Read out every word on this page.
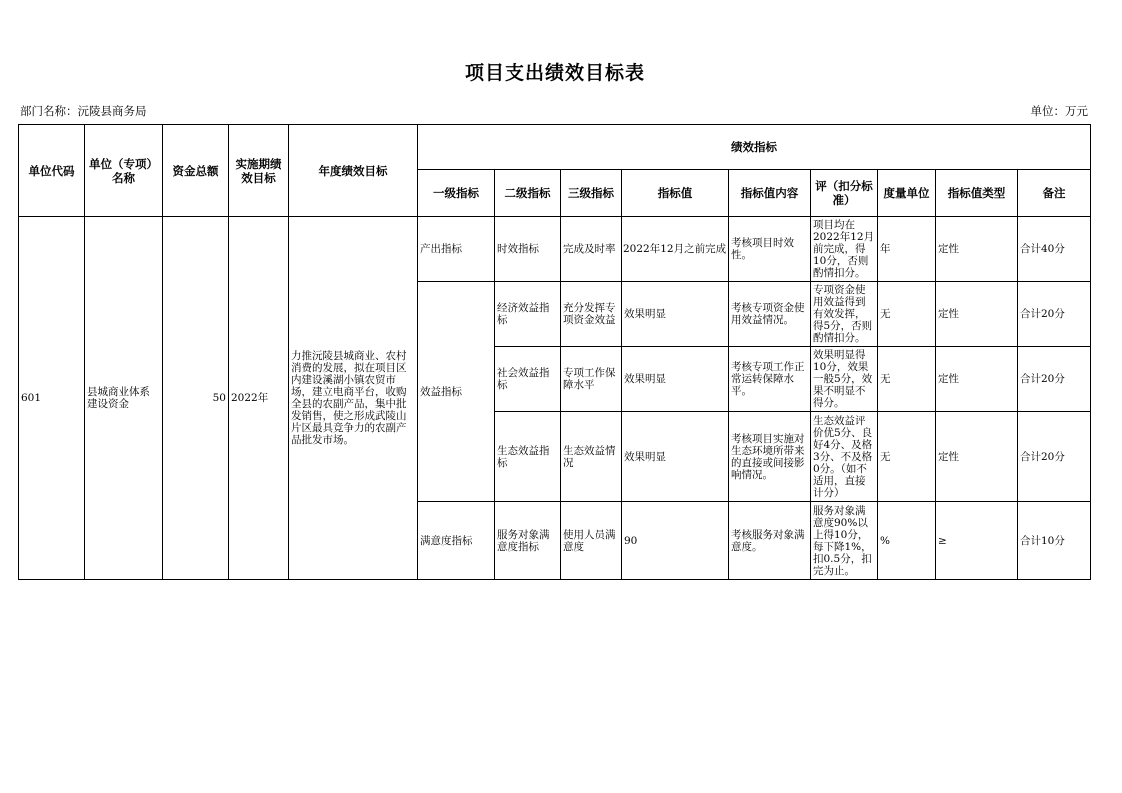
项目支出绩效目标表
部门名称：沅陵县商务局	单位：万元
单位代码	单位（专项）名称	资金总额	实施期绩效目标	年度绩效目标	绩效指标								
					一级指标	二级指标	三级指标	指标值	指标值内容	评（扣分标准）	度量单位	指标值类型	备注
601	县城商业体系建设资金	50	2022年	力推沅陵县城商业、农村消费的发展，拟在项目区内建设溪湖小镇农贸市场，建立电商平台，收购全县的农副产品，集中批发销售，使之形成武陵山片区最具竞争力的农副产品批发市场。	产出指标	时效指标	完成及时率	2022年12月之前完成	考核项目时效性。	项目均在2022年12月前完成，得10分，否则酌情扣分。	年	定性	合计40分
					效益指标	经济效益指标	充分发挥专项资金效益	效果明显	考核专项资金使用效益情况。	专项资金使用效益得到有效发挥，得5分，否则酌情扣分。	无	定性	合计20分
						社会效益指标	专项工作保障水平	效果明显	考核专项工作正常运转保障水平。	效果明显得10分，效果一般5分，效果不明显不得分。	无	定性	合计20分
						生态效益指标	生态效益情况	效果明显	考核项目实施对生态环境所带来的直接或间接影响情况。	生态效益评价优5分、良好4分、及格3分、不及格0分。（如不适用，直接计分）	无	定性	合计20分
					满意度指标	服务对象满意度指标	使用人员满意度	90	考核服务对象满意度。	服务对象满意度90%以上得10分，每下降1%，扣0.5分，扣完为止。	%	≥	合计10分
